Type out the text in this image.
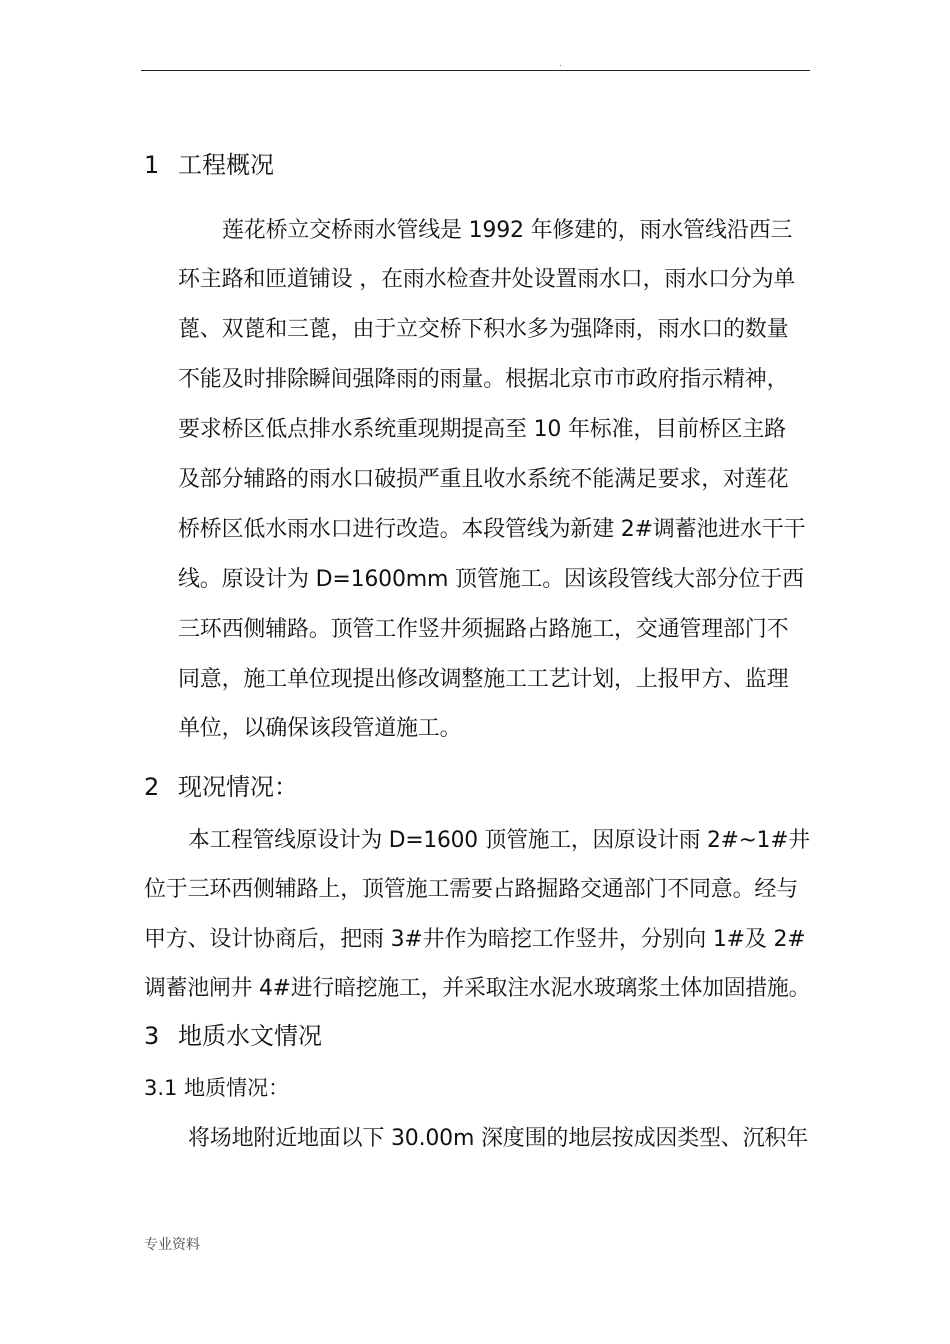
.
1 工程概况
莲花桥立交桥雨水管线是 1992 年修建的，雨水管线沿西三
环主路和匝道铺设 ，在雨水检查井处设置雨水口，雨水口分为单
蓖、双蓖和三蓖，由于立交桥下积水多为强降雨，雨水口的数量
不能及时排除瞬间强降雨的雨量。根据北京市市政府指示精神，
要求桥区低点排水系统重现期提高至 10 年标准，目前桥区主路
及部分辅路的雨水口破损严重且收水系统不能满足要求，对莲花
桥桥区低水雨水口进行改造。本段管线为新建 2#调蓄池进水干干
线。原设计为 D=1600mm 顶管施工。因该段管线大部分位于西
三环西侧辅路。顶管工作竖井须掘路占路施工，交通管理部门不
同意，施工单位现提出修改调整施工工艺计划，上报甲方、监理
单位，以确保该段管道施工。
2 现况情况：
本工程管线原设计为 D=1600 顶管施工，因原设计雨 2#~1#井
位于三环西侧辅路上，顶管施工需要占路掘路交通部门不同意。经与
甲方、设计协商后，把雨 3#井作为暗挖工作竖井，分别向 1#及 2#
调蓄池闸井 4#进行暗挖施工，并采取注水泥水玻璃浆土体加固措施。
3 地质水文情况
3.1 地质情况：
将场地附近地面以下 30.00m 深度围的地层按成因类型、沉积年
专业资料
